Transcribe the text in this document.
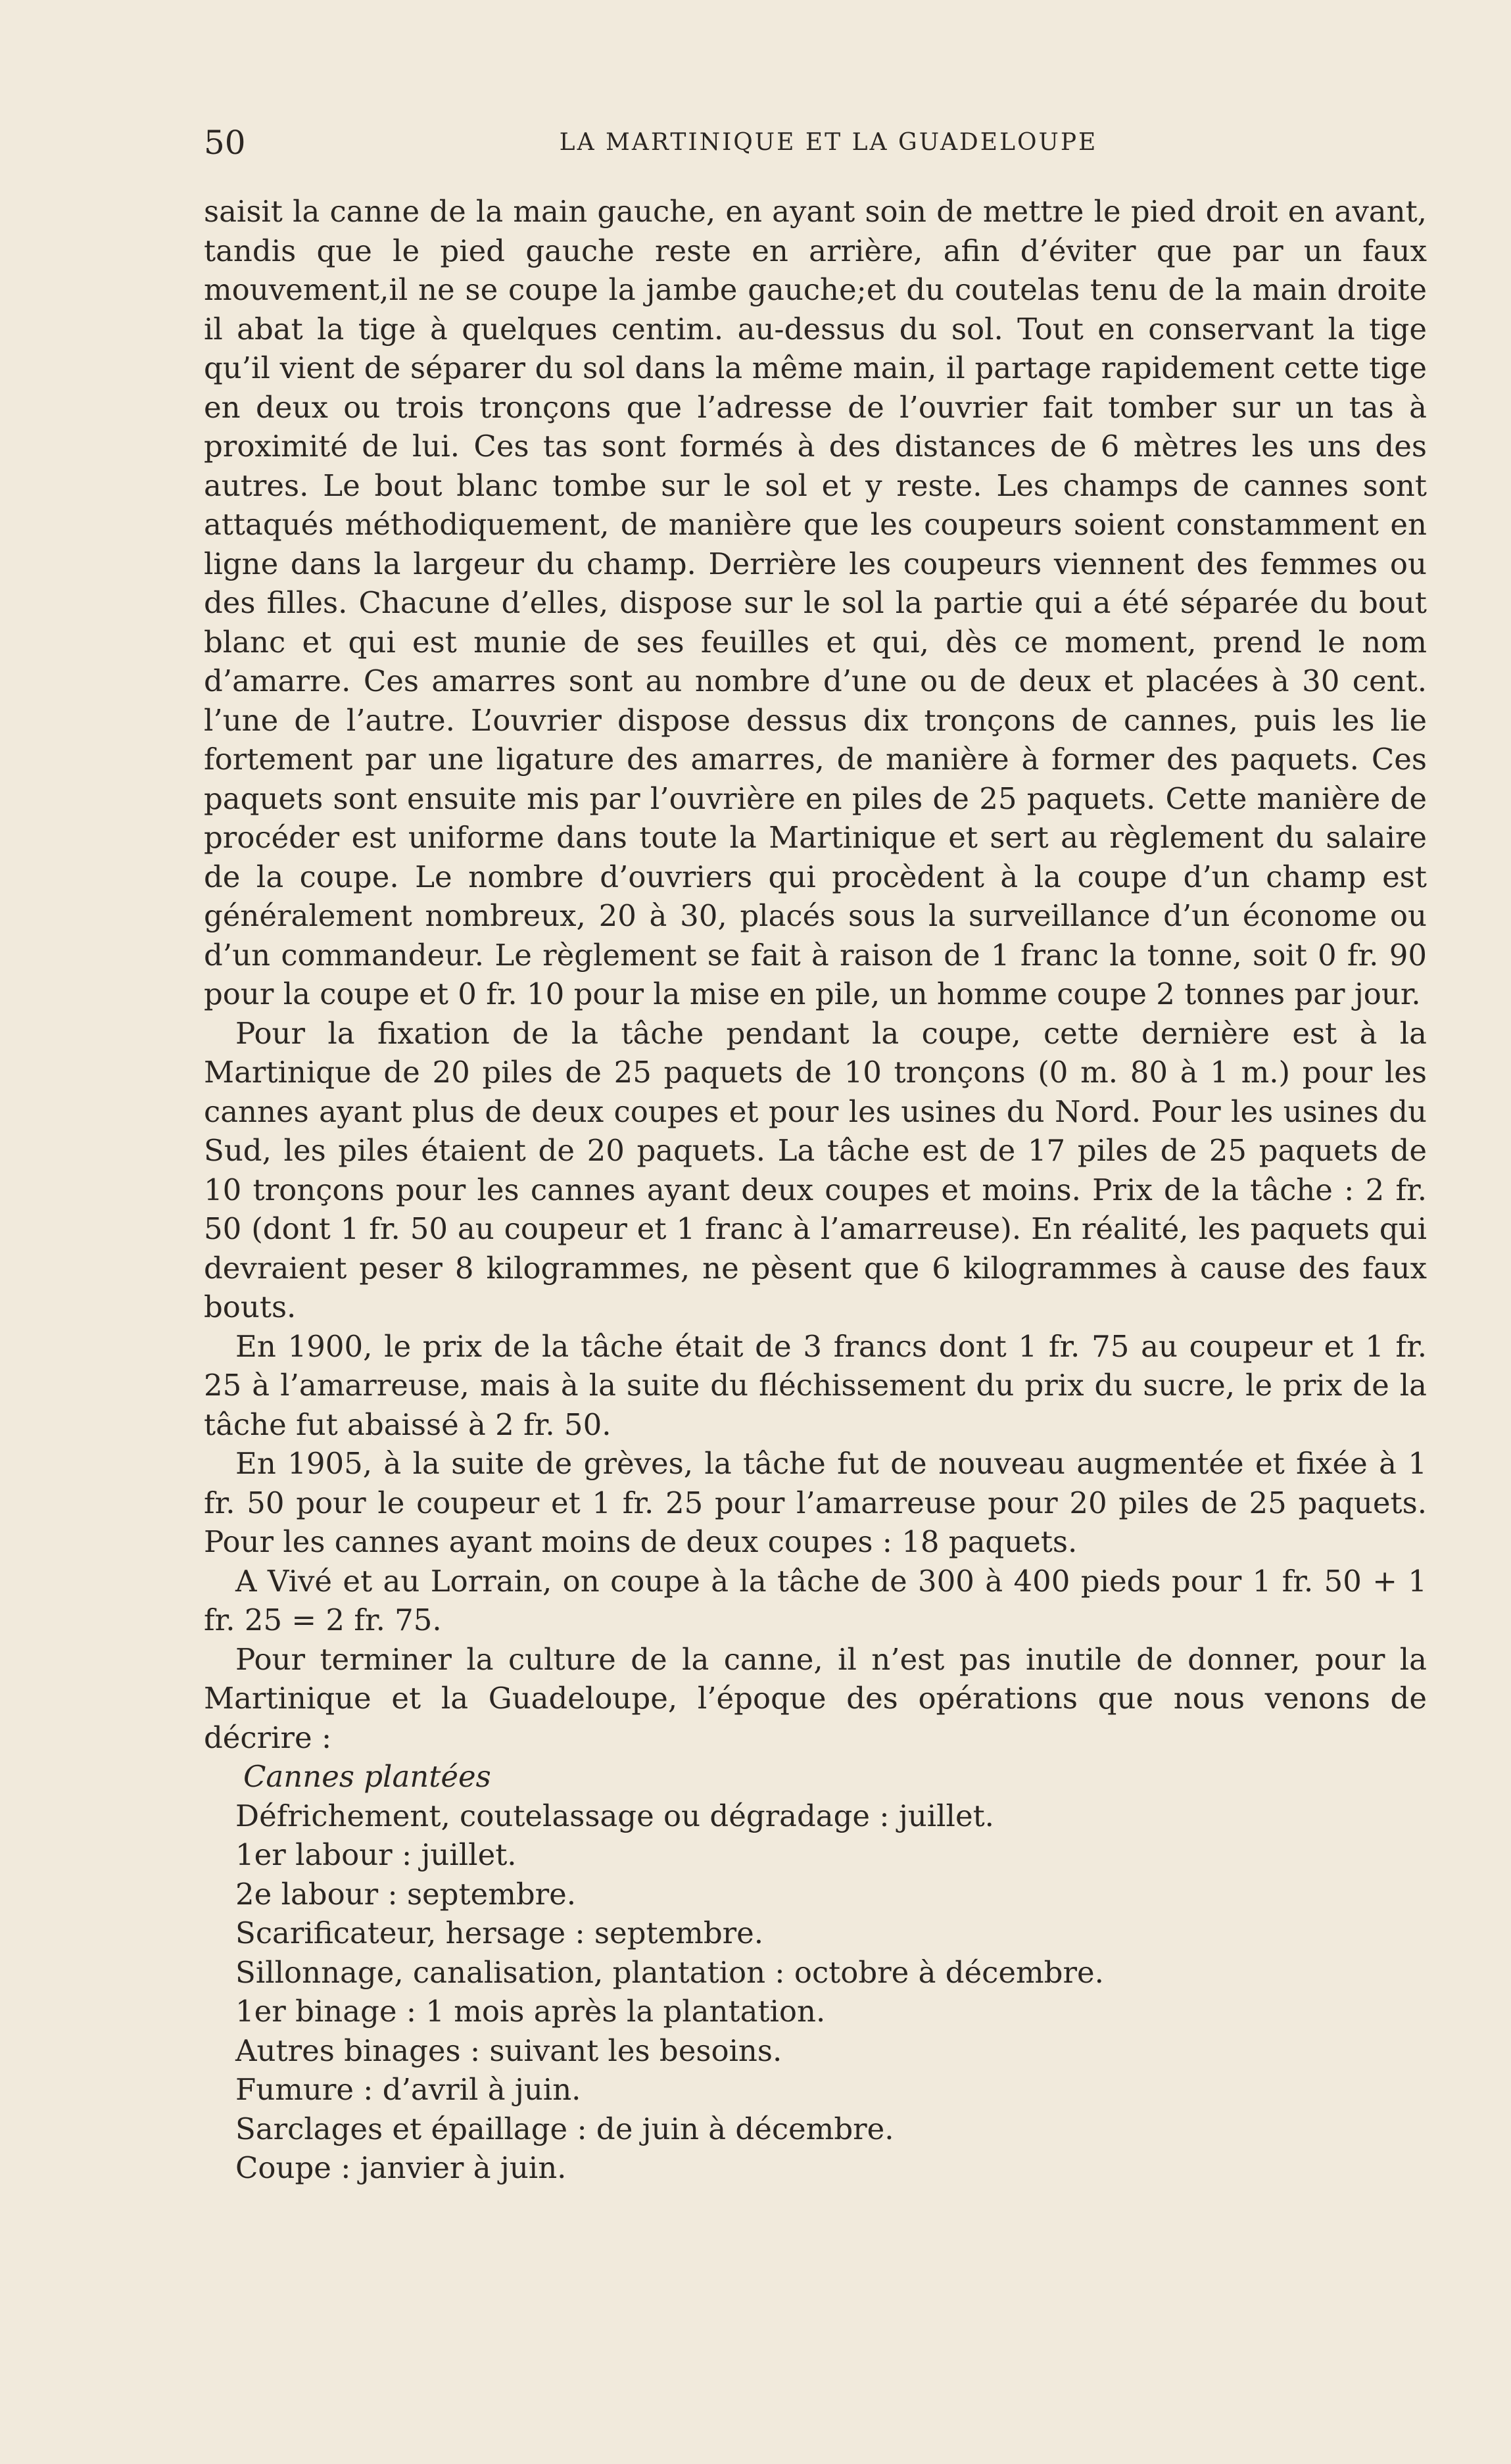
50	LA MARTINIQUE ET LA GUADELOUPE

saisit la canne de la main gauche, en ayant soin de mettre le pied droit en avant, tandis que le pied gauche reste en arrière, afin d’éviter que par un faux mouvement,il ne se coupe la jambe gauche;et du coutelas tenu de la main droite il abat la tige à quelques centim. au-dessus du sol. Tout en conservant la tige qu’il vient de séparer du sol dans la même main, il partage rapidement cette tige en deux ou trois tronçons que l’adresse de l’ouvrier fait tomber sur un tas à proximité de lui. Ces tas sont formés à des distances de 6 mètres les uns des autres. Le bout blanc tombe sur le sol et y reste. Les champs de cannes sont attaqués méthodiquement, de manière que les coupeurs soient constamment en ligne dans la largeur du champ. Derrière les coupeurs viennent des femmes ou des filles. Chacune d’elles, dispose sur le sol la partie qui a été séparée du bout blanc et qui est munie de ses feuilles et qui, dès ce moment, prend le nom d’amarre. Ces amarres sont au nombre d’une ou de deux et placées à 30 cent. l’une de l’autre. L’ouvrier dispose dessus dix tronçons de cannes, puis les lie fortement par une ligature des amarres, de manière à former des paquets. Ces paquets sont ensuite mis par l’ouvrière en piles de 25 paquets. Cette manière de procéder est uniforme dans toute la Martinique et sert au règlement du salaire de la coupe. Le nombre d’ouvriers qui procèdent à la coupe d’un champ est généralement nombreux, 20 à 30, placés sous la surveillance d’un économe ou d’un commandeur. Le règlement se fait à raison de 1 franc la tonne, soit 0 fr. 90 pour la coupe et 0 fr. 10 pour la mise en pile, un homme coupe 2 tonnes par jour.

Pour la fixation de la tâche pendant la coupe, cette dernière est à la Martinique de 20 piles de 25 paquets de 10 tronçons (0 m. 80 à 1 m.) pour les cannes ayant plus de deux coupes et pour les usines du Nord. Pour les usines du Sud, les piles étaient de 20 paquets. La tâche est de 17 piles de 25 paquets de 10 tronçons pour les cannes ayant deux coupes et moins. Prix de la tâche : 2 fr. 50 (dont 1 fr. 50 au coupeur et 1 franc à l’amarreuse). En réalité, les paquets qui devraient peser 8 kilogrammes, ne pèsent que 6 kilogrammes à cause des faux bouts.

En 1900, le prix de la tâche était de 3 francs dont 1 fr. 75 au coupeur et 1 fr. 25 à l’amarreuse, mais à la suite du fléchissement du prix du sucre, le prix de la tâche fut abaissé à 2 fr. 50.

En 1905, à la suite de grèves, la tâche fut de nouveau augmentée et fixée à 1 fr. 50 pour le coupeur et 1 fr. 25 pour l’amarreuse pour 20 piles de 25 paquets. Pour les cannes ayant moins de deux coupes : 18 paquets.

A Vivé et au Lorrain, on coupe à la tâche de 300 à 400 pieds pour 1 fr. 50 + 1 fr. 25 = 2 fr. 75.

Pour terminer la culture de la canne, il n’est pas inutile de donner, pour la Martinique et la Guadeloupe, l’époque des opérations que nous venons de décrire :

Cannes plantées

Défrichement, coutelassage ou dégradage : juillet.
1er labour : juillet.
2e labour : septembre.
Scarificateur, hersage : septembre.
Sillonnage, canalisation, plantation : octobre à décembre.
1er binage : 1 mois après la plantation.
Autres binages : suivant les besoins.
Fumure : d’avril à juin.
Sarclages et épaillage : de juin à décembre.
Coupe : janvier à juin.
